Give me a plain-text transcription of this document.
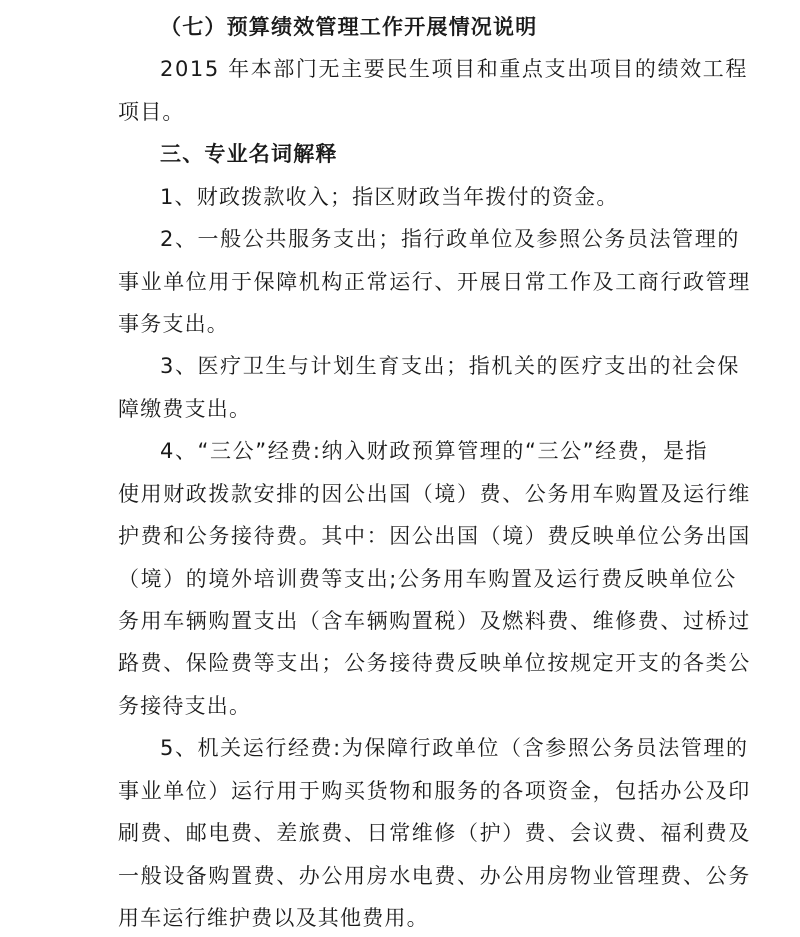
（七）预算绩效管理工作开展情况说明
2015 年本部门无主要民生项目和重点支出项目的绩效工程
项目。
三、专业名词解释
1、财政拨款收入；指区财政当年拨付的资金。
2、一般公共服务支出；指行政单位及参照公务员法管理的
事业单位用于保障机构正常运行、开展日常工作及工商行政管理
事务支出。
3、医疗卫生与计划生育支出；指机关的医疗支出的社会保
障缴费支出。
4、“三公”经费:纳入财政预算管理的“三公”经费，是指
使用财政拨款安排的因公出国（境）费、公务用车购置及运行维
护费和公务接待费。其中：因公出国（境）费反映单位公务出国
（境）的境外培训费等支出;公务用车购置及运行费反映单位公
务用车辆购置支出（含车辆购置税）及燃料费、维修费、过桥过
路费、保险费等支出；公务接待费反映单位按规定开支的各类公
务接待支出。
5、机关运行经费:为保障行政单位（含参照公务员法管理的
事业单位）运行用于购买货物和服务的各项资金，包括办公及印
刷费、邮电费、差旅费、日常维修（护）费、会议费、福利费及
一般设备购置费、办公用房水电费、办公用房物业管理费、公务
用车运行维护费以及其他费用。
